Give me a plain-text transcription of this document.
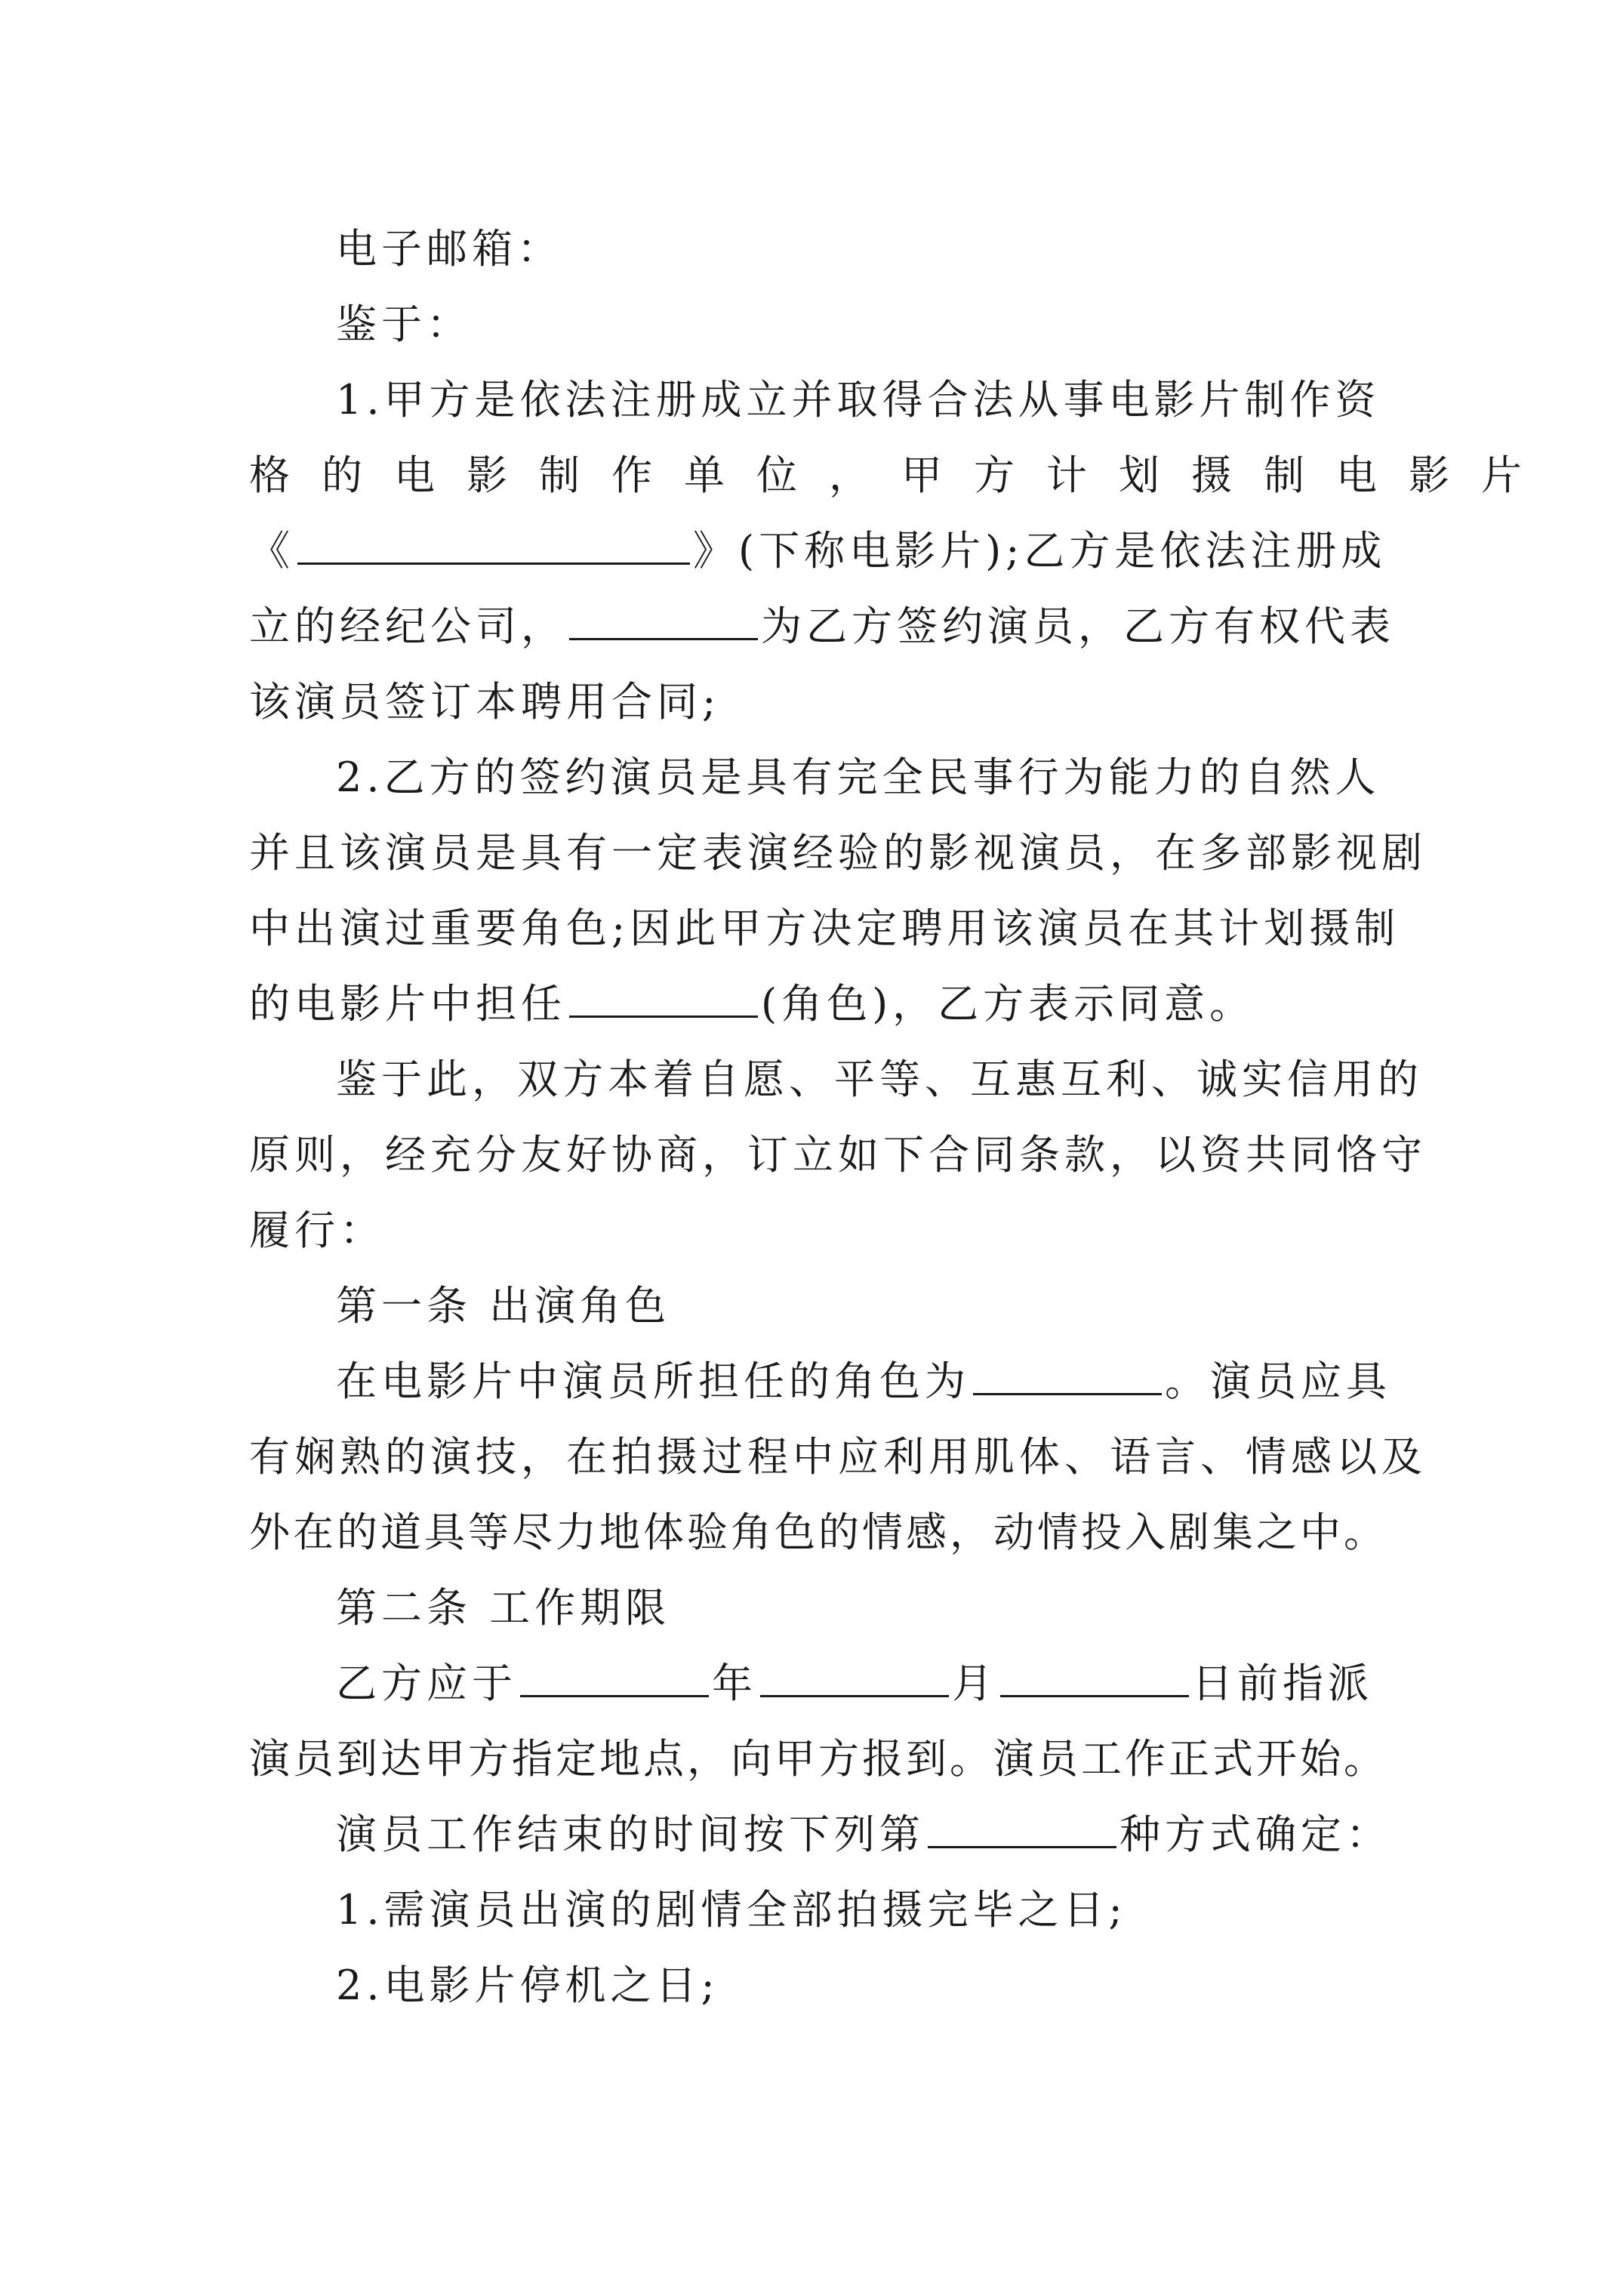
电子邮箱：

鉴于：

1.甲方是依法注册成立并取得合法从事电影片制作资
格的电影制作单位，甲方计划摄制电影片
《	》(下称电影片);乙方是依法注册成
立的经纪公司，	为乙方签约演员，乙方有权代表
该演员签订本聘用合同;
2.乙方的签约演员是具有完全民事行为能力的自然人
并且该演员是具有一定表演经验的影视演员，在多部影视剧
中出演过重要角色;因此甲方决定聘用该演员在其计划摄制
的电影片中担任	(角色)，乙方表示同意。
鉴于此，双方本着自愿、平等、互惠互利、诚实信用的
原则，经充分友好协商，订立如下合同条款，以资共同恪守
履行：

第一条 出演角色

在电影片中演员所担任的角色为	。演员应具
有娴熟的演技，在拍摄过程中应利用肌体、语言、情感以及
外在的道具等尽力地体验角色的情感，动情投入剧集之中。

第二条 工作期限

乙方应于	年	月	日前指派
演员到达甲方指定地点，向甲方报到。演员工作正式开始。
演员工作结束的时间按下列第	种方式确定：

1.需演员出演的剧情全部拍摄完毕之日;

2.电影片停机之日;
